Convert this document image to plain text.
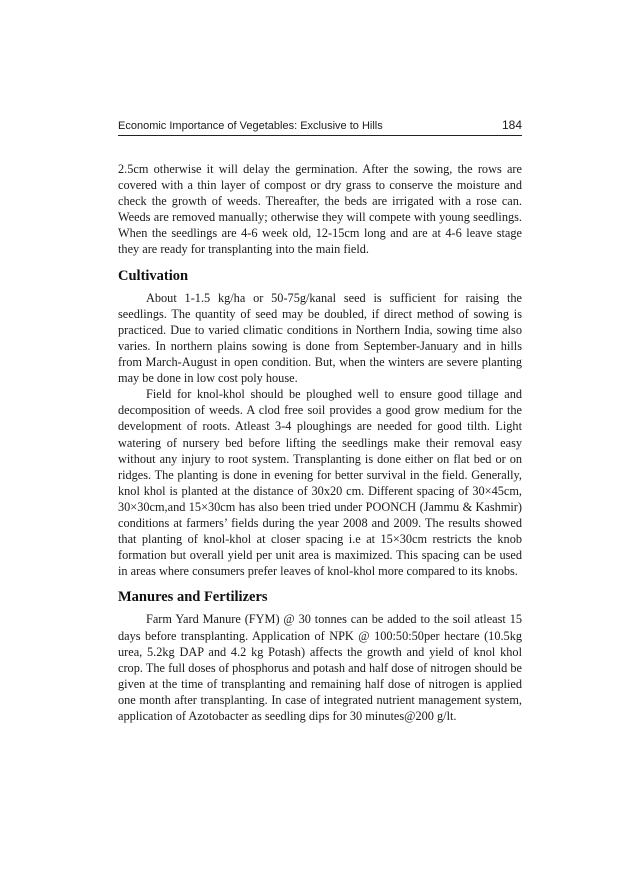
Economic Importance of Vegetables: Exclusive to Hills	184

2.5cm otherwise it will delay the germination. After the sowing, the rows are covered with a thin layer of compost or dry grass to conserve the moisture and check the growth of weeds. Thereafter, the beds are irrigated with a rose can. Weeds are removed manually; otherwise they will compete with young seedlings. When the seedlings are 4-6 week old, 12-15cm long and are at 4-6 leave stage they are ready for transplanting into the main field.

Cultivation

About 1-1.5 kg/ha or 50-75g/kanal seed is sufficient for raising the seedlings. The quantity of seed may be doubled, if direct method of sowing is practiced. Due to varied climatic conditions in Northern India, sowing time also varies. In northern plains sowing is done from September-January and in hills from March-August in open condition. But, when the winters are severe planting may be done in low cost poly house.

Field for knol-khol should be ploughed well to ensure good tillage and decomposition of weeds. A clod free soil provides a good grow medium for the development of roots. Atleast 3-4 ploughings are needed for good tilth. Light watering of nursery bed before lifting the seedlings make their removal easy without any injury to root system. Transplanting is done either on flat bed or on ridges. The planting is done in evening for better survival in the field. Generally, knol khol is planted at the distance of 30x20 cm. Different spacing of 30×45cm, 30×30cm,and 15×30cm has also been tried under POONCH (Jammu & Kashmir) conditions at farmers’ fields during the year 2008 and 2009. The results showed that planting of knol-khol at closer spacing i.e at 15×30cm restricts the knob formation but overall yield per unit area is maximized. This spacing can be used in areas where consumers prefer leaves of knol-khol more compared to its knobs.

Manures and Fertilizers

Farm Yard Manure (FYM) @ 30 tonnes can be added to the soil atleast 15 days before transplanting. Application of NPK @ 100:50:50per hectare (10.5kg urea, 5.2kg DAP and 4.2 kg Potash) affects the growth and yield of knol khol crop. The full doses of phosphorus and potash and half dose of nitrogen should be given at the time of transplanting and remaining half dose of nitrogen is applied one month after transplanting. In case of integrated nutrient management system, application of Azotobacter as seedling dips for 30 minutes@200 g/lt.
